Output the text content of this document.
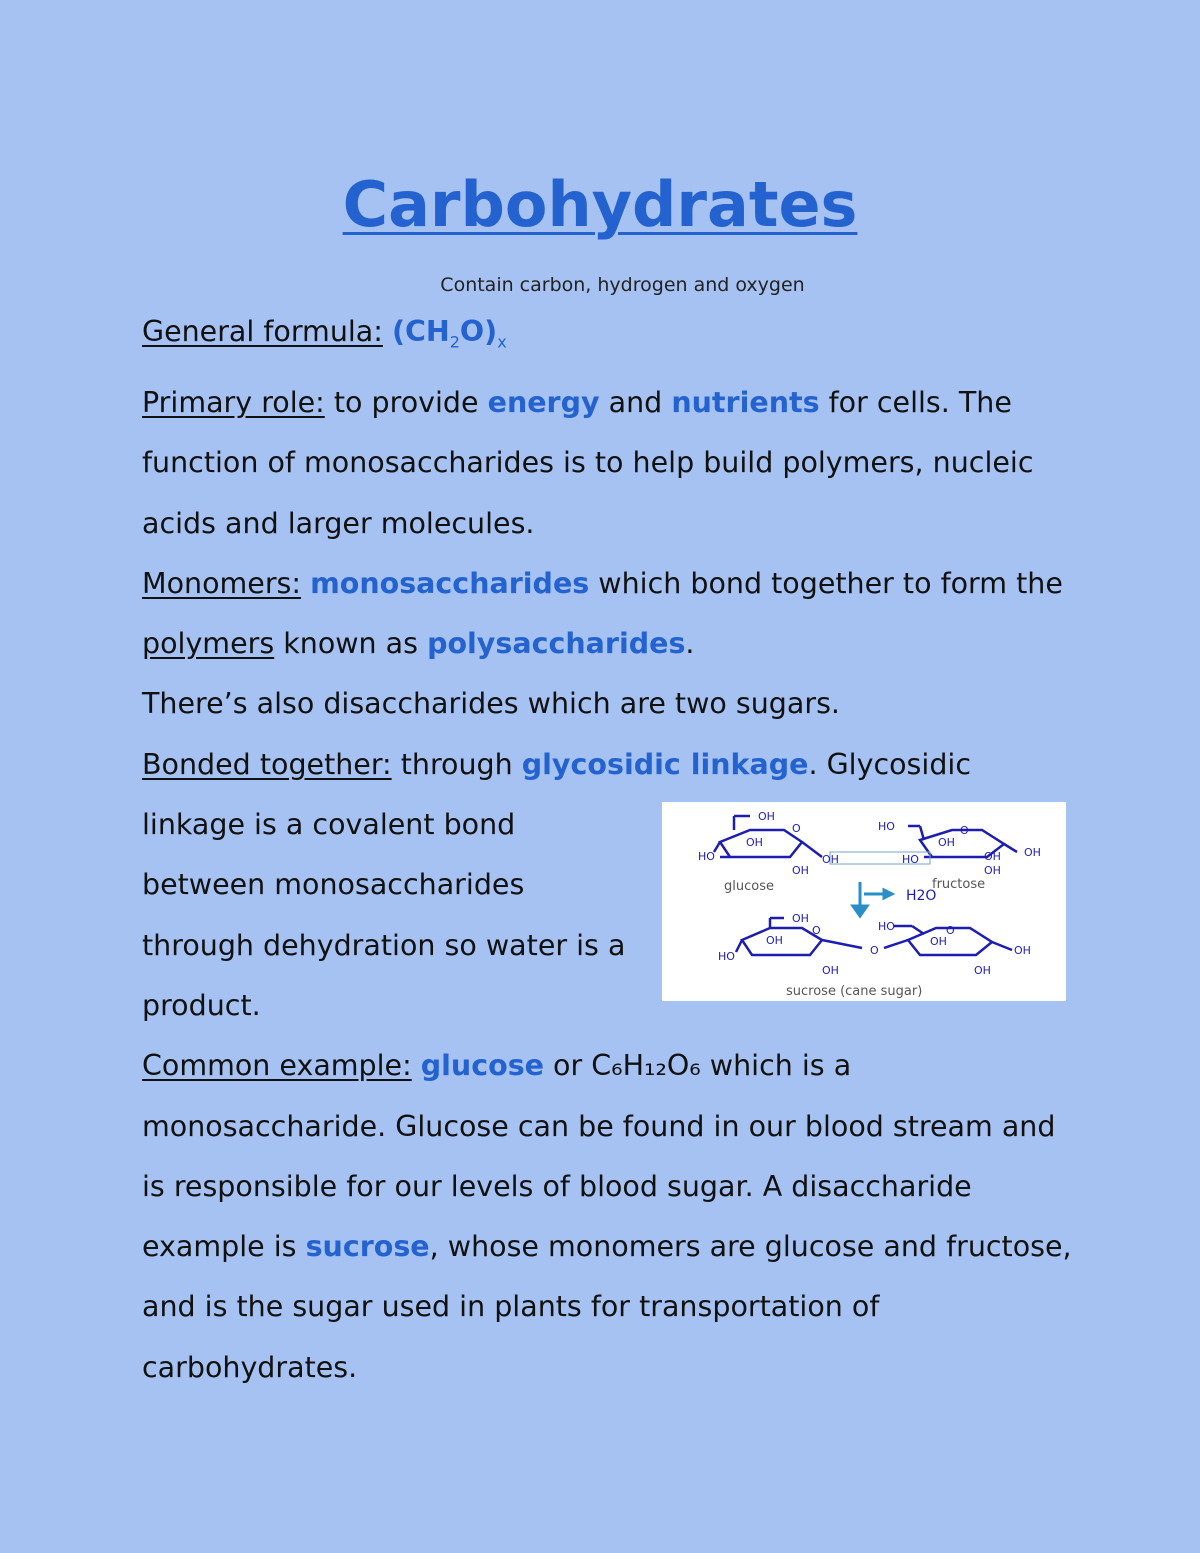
Carbohydrates
Contain carbon, hydrogen and oxygen

General formula: $(CH_2O)_x$

Primary role: to provide energy and nutrients for cells. The function of monosaccharides is to help build polymers, nucleic acids and larger molecules.

Monomers: monosaccharides which bond together to form the polymers known as polysaccharides.

There’s also disaccharides which are two sugars.

Bonded together: through glycosidic linkage. Glycosidic

linkage is a covalent bond

between monosaccharides

through dehydration so water is a

product.

Common example: glucose or C₆H₁₂O₆ which is a monosaccharide. Glucose can be found in our blood stream and is responsible for our levels of blood sugar. A disaccharide example is sucrose, whose monomers are glucose and fructose, and is the sugar used in plants for transportation of carbohydrates.

OH
O
OH
HO	OH
OH
HO	O
OH
HO	OH OH
OH
glucose	fructose
H2O
OH
O
OH
HO	O
OH
HO	O
OH
OH
OH
sucrose (cane sugar)
